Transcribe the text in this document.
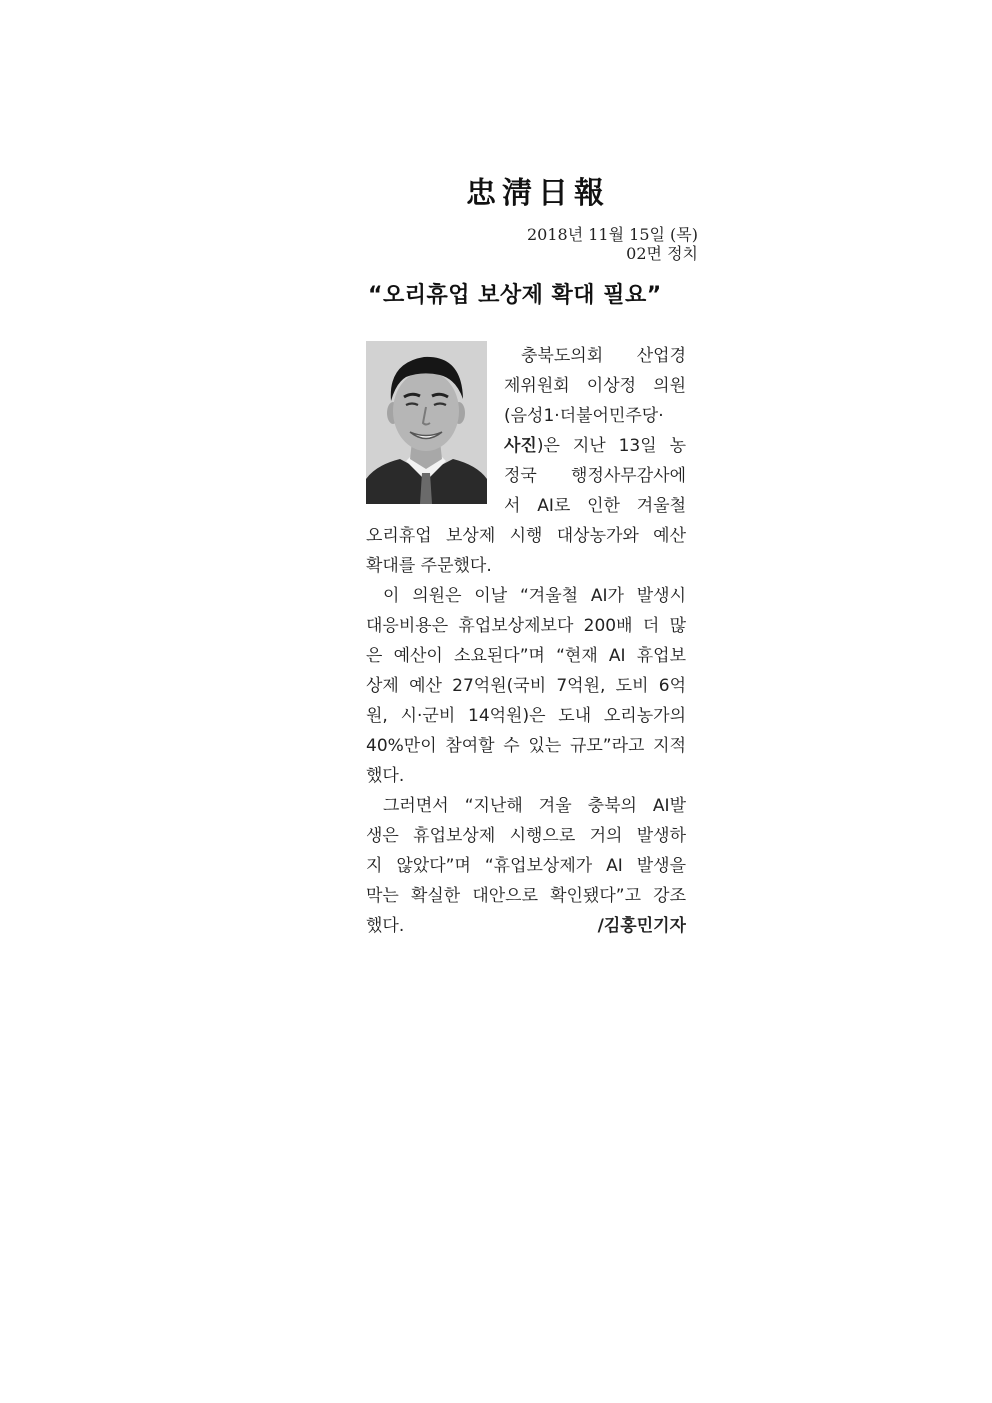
忠淸日報
2018년 11월 15일 (목)
02면 정치
“오리휴업 보상제 확대 필요”
충북도의회 산업경
제위원회 이상정 의원
(음성1·더불어민주당·
사진)은 지난 13일 농
정국 행정사무감사에
서 AI로 인한 겨울철
오리휴업 보상제 시행 대상농가와 예산
확대를 주문했다.
이 의원은 이날 “겨울철 AI가 발생시
대응비용은 휴업보상제보다 200배 더 많
은 예산이 소요된다”며 “현재 AI 휴업보
상제 예산 27억원(국비 7억원, 도비 6억
원, 시·군비 14억원)은 도내 오리농가의
40%만이 참여할 수 있는 규모”라고 지적
했다.
그러면서 “지난해 겨울 충북의 AI발
생은 휴업보상제 시행으로 거의 발생하
지 않았다”며 “휴업보상제가 AI 발생을
막는 확실한 대안으로 확인됐다”고 강조
했다.	/김홍민기자
